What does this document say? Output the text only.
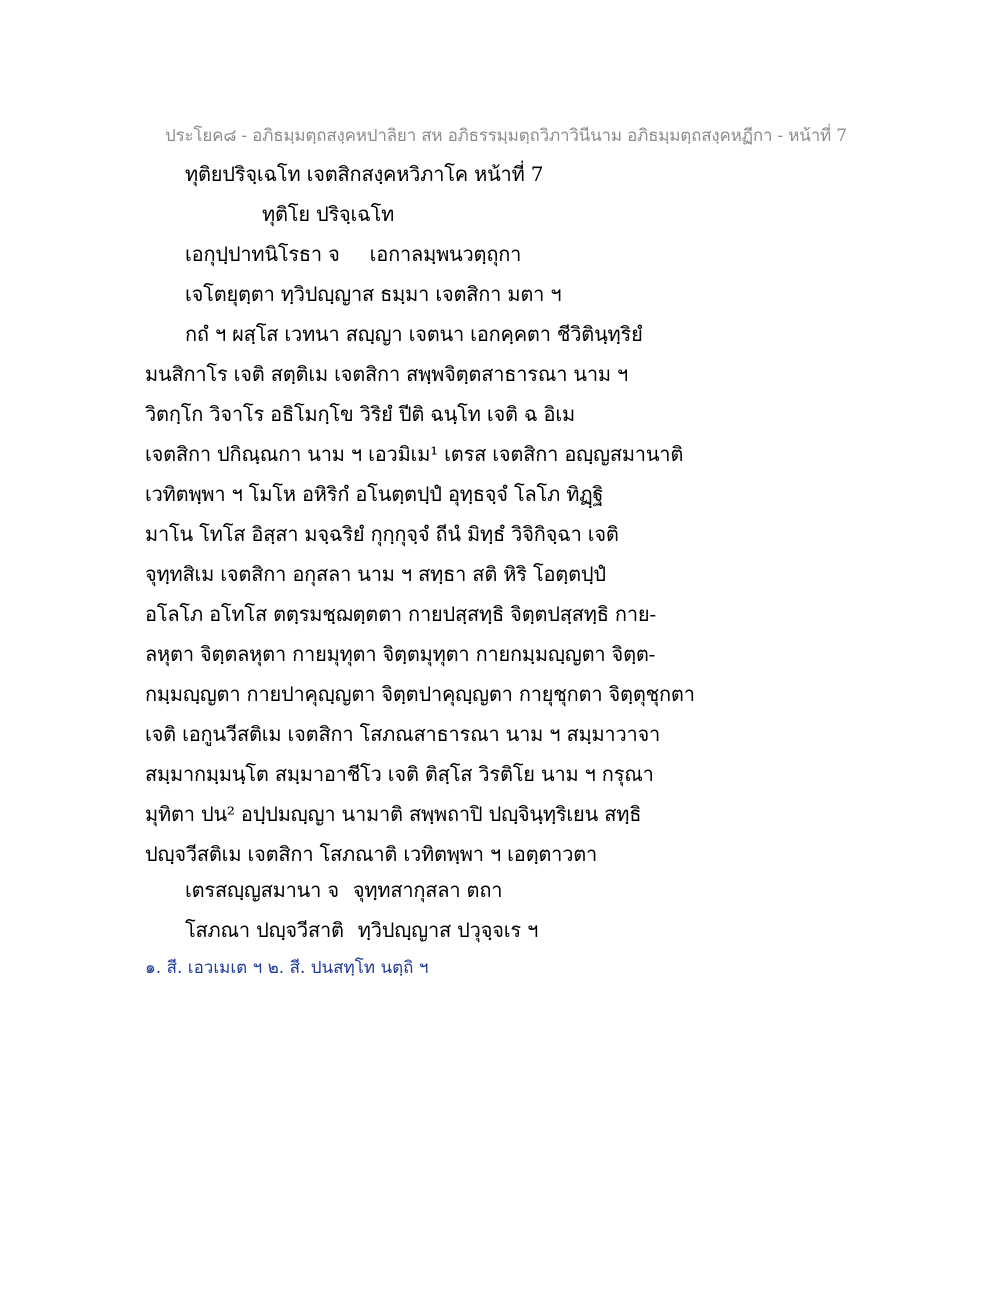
ประโยค๘ - อภิธมฺมตฺถสงฺคหปาลิยา สห อภิธรรมฺมตฺถวิภาวินีนาม อภิธมฺมตฺถสงฺคหฏีกา - หน้าที่ 7
ทุติยปริจฺเฉโท เจตสิกสงฺคหวิภาโค หน้าที่ 7
ทุติโย ปริจฺเฉโท
เอกุปฺปาทนิโรธา จ เอกาลมฺพนวตฺถุกา
เจโตยุตฺตา ทฺวิปญฺญาส ธมฺมา เจตสิกา มตา ฯ
กถํ ฯ ผสฺโส เวทนา สญฺญา เจตนา เอกคฺคตา ชีวิตินฺทฺริยํ
มนสิกาโร เจติ สตฺติเม เจตสิกา สพฺพจิตฺตสาธารณา นาม ฯ
วิตกฺโก วิจาโร อธิโมกฺโข วิริยํ ปีติ ฉนฺโท เจติ ฉ อิเม
เจตสิกา ปกิณฺณกา นาม ฯ เอวมิเม¹ เตรส เจตสิกา อญฺญสมานาติ
เวทิตพฺพา ฯ โมโห อหิริกํ อโนตฺตปฺปํ อุทฺธจฺจํ โลโภ ทิฏฺฐิ
มาโน โทโส อิสฺสา มจฺฉริยํ กุกฺกุจฺจํ ถีนํ มิทฺธํ วิจิกิจฺฉา เจติ
จุทฺทสิเม เจตสิกา อกุสลา นาม ฯ สทฺธา สติ หิริ โอตฺตปฺปํ
อโลโภ อโทโส ตตฺรมชฺฌตฺตตา กายปสฺสทฺธิ จิตฺตปสฺสทฺธิ กาย-
ลหุตา จิตฺตลหุตา กายมุทุตา จิตฺตมุทุตา กายกมฺมญฺญตา จิตฺต-
กมฺมญฺญตา กายปาคุญฺญตา จิตฺตปาคุญฺญตา กายุชุกตา จิตฺตุชุกตา
เจติ เอกูนวีสติเม เจตสิกา โสภณสาธารณา นาม ฯ สมฺมาวาจา
สมฺมากมฺมนฺโต สมฺมาอาชีโว เจติ ติสฺโส วิรติโย นาม ฯ กรุณา
มุทิตา ปน² อปฺปมญฺญา นามาติ สพฺพถาปิ ปญฺจินฺทฺริเยน สทฺธิ
ปญฺจวีสติเม เจตสิกา โสภณาติ เวทิตพฺพา ฯ เอตฺตาวตา
เตรสญฺญสมานา จ จุทฺทสากุสลา ตถา
โสภณา ปญฺจวีสาติ ทฺวิปญฺญาส ปวุจฺจเร ฯ
๑. สี. เอวเมเต ฯ ๒. สี. ปนสทฺโท นตฺถิ ฯ
